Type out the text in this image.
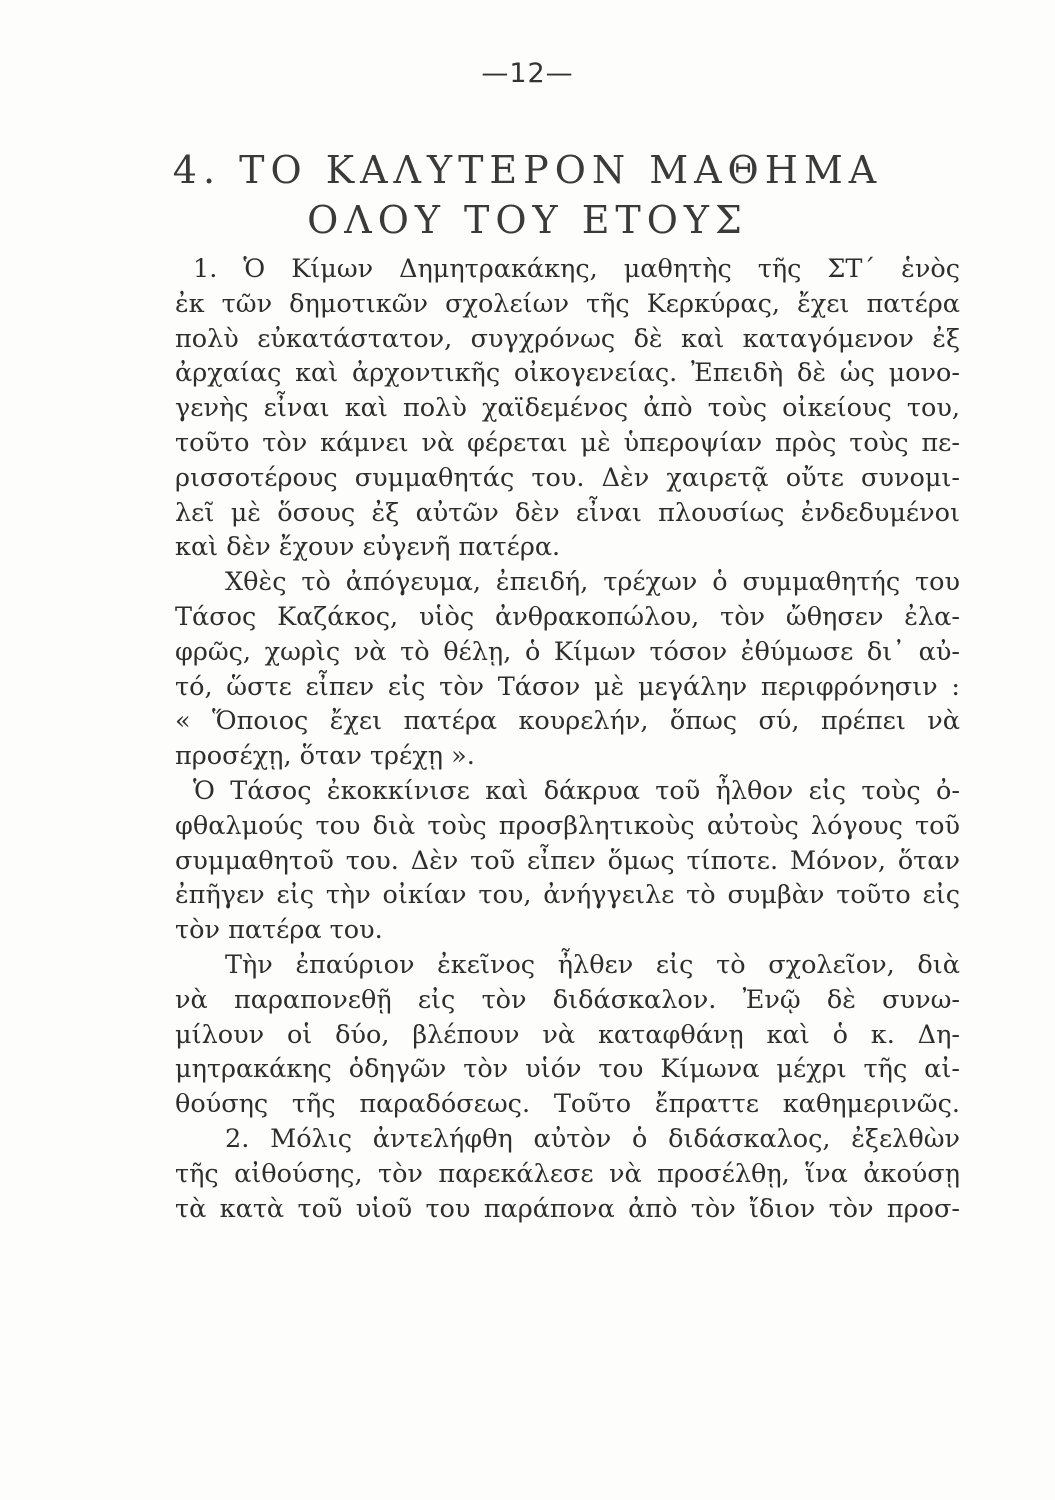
—12—
4. ΤΟ ΚΑΛΥΤΕΡΟΝ ΜΑΘΗΜΑ
ΟΛΟΥ ΤΟΥ ΕΤΟΥΣ
1. Ὁ Κίμων Δημητρακάκης, μαθητὴς τῆς ΣΤ΄ ἑνὸς
ἐκ τῶν δημοτικῶν σχολείων τῆς Κερκύρας, ἔχει πατέρα
πολὺ εὐκατάστατον, συγχρόνως δὲ καὶ καταγόμενον ἐξ
ἀρχαίας καὶ ἀρχοντικῆς οἰκογενείας. Ἐπειδὴ δὲ ὡς μονο-
γενὴς εἶναι καὶ πολὺ χαϊδεμένος ἀπὸ τοὺς οἰκείους του,
τοῦτο τὸν κάμνει νὰ φέρεται μὲ ὑπεροψίαν πρὸς τοὺς πε-
ρισσοτέρους συμμαθητάς του. Δὲν χαιρετᾷ οὔτε συνομι-
λεῖ μὲ ὅσους ἐξ αὐτῶν δὲν εἶναι πλουσίως ἐνδεδυμένοι
καὶ δὲν ἔχουν εὐγενῆ πατέρα.
Χθὲς τὸ ἀπόγευμα, ἐπειδή, τρέχων ὁ συμμαθητής του
Τάσος Καζάκος, υἱὸς ἀνθρακοπώλου, τὸν ὤθησεν ἐλα-
φρῶς, χωρὶς νὰ τὸ θέλῃ, ὁ Κίμων τόσον ἐθύμωσε δι᾽ αὐ-
τό, ὥστε εἶπεν εἰς τὸν Τάσον μὲ μεγάλην περιφρόνησιν :
« Ὅποιος ἔχει πατέρα κουρελήν, ὅπως σύ, πρέπει νὰ
προσέχῃ, ὅταν τρέχῃ ».
Ὁ Τάσος ἐκοκκίνισε καὶ δάκρυα τοῦ ἦλθον εἰς τοὺς ὀ-
φθαλμούς του διὰ τοὺς προσβλητικοὺς αὐτοὺς λόγους τοῦ
συμμαθητοῦ του. Δὲν τοῦ εἶπεν ὅμως τίποτε. Μόνον, ὅταν
ἐπῆγεν εἰς τὴν οἰκίαν του, ἀνήγγειλε τὸ συμβὰν τοῦτο εἰς
τὸν πατέρα του.
Τὴν ἐπαύριον ἐκεῖνος ἦλθεν εἰς τὸ σχολεῖον, διὰ
νὰ παραπονεθῇ εἰς τὸν διδάσκαλον. Ἐνῷ δὲ συνω-
μίλουν οἱ δύο, βλέπουν νὰ καταφθάνῃ καὶ ὁ κ. Δη-
μητρακάκης ὁδηγῶν τὸν υἱόν του Κίμωνα μέχρι τῆς αἰ-
θούσης τῆς παραδόσεως. Τοῦτο ἔπραττε καθημερινῶς.
2. Μόλις ἀντελήφθη αὐτὸν ὁ διδάσκαλος, ἐξελθὼν
τῆς αἰθούσης, τὸν παρεκάλεσε νὰ προσέλθῃ, ἵνα ἀκούσῃ
τὰ κατὰ τοῦ υἱοῦ του παράπονα ἀπὸ τὸν ἴδιον τὸν προσ-
